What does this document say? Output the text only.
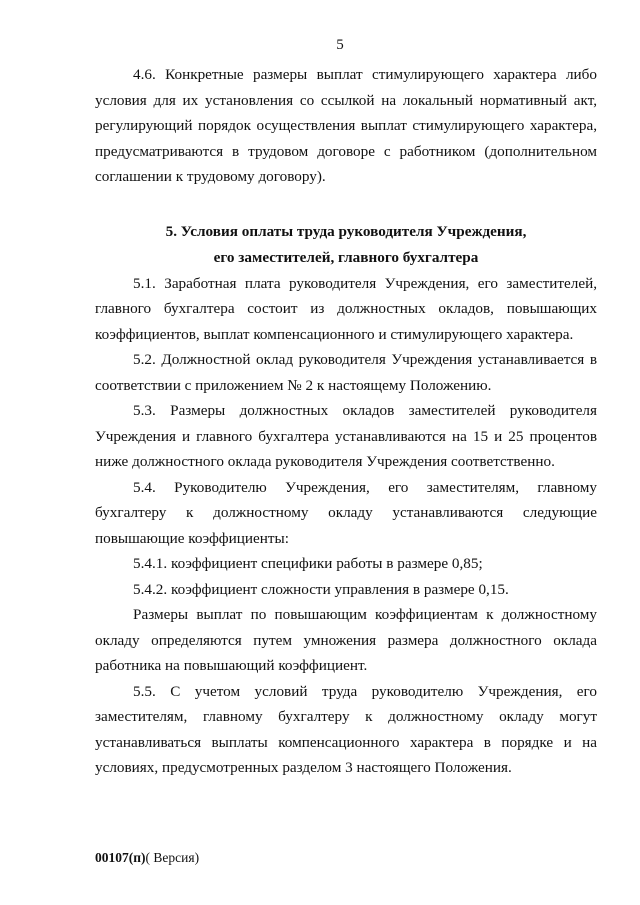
5

4.6. Конкретные размеры выплат стимулирующего характера либо условия для их установления со ссылкой на локальный нормативный акт, регулирующий порядок осуществления выплат стимулирующего характера, предусматриваются в трудовом договоре с работником (дополнительном соглашении к трудовому договору).

5. Условия оплаты труда руководителя Учреждения,
его заместителей, главного бухгалтера

5.1. Заработная плата руководителя Учреждения, его заместителей, главного бухгалтера состоит из должностных окладов, повышающих коэффициентов, выплат компенсационного и стимулирующего характера.

5.2. Должностной оклад руководителя Учреждения устанавливается в соответствии с приложением № 2 к настоящему Положению.

5.3. Размеры должностных окладов заместителей руководителя Учреждения и главного бухгалтера устанавливаются на 15 и 25 процентов ниже должностного оклада руководителя Учреждения соответственно.

5.4. Руководителю Учреждения, его заместителям, главному бухгалтеру к должностному окладу устанавливаются следующие повышающие коэффициенты:

5.4.1. коэффициент специфики работы в размере 0,85;

5.4.2. коэффициент сложности управления в размере 0,15.

Размеры выплат по повышающим коэффициентам к должностному окладу определяются путем умножения размера должностного оклада работника на повышающий коэффициент.

5.5. С учетом условий труда руководителю Учреждения, его заместителям, главному бухгалтеру к должностному окладу могут устанавливаться выплаты компенсационного характера в порядке и на условиях, предусмотренных разделом 3 настоящего Положения.

00107(п)( Версия)
